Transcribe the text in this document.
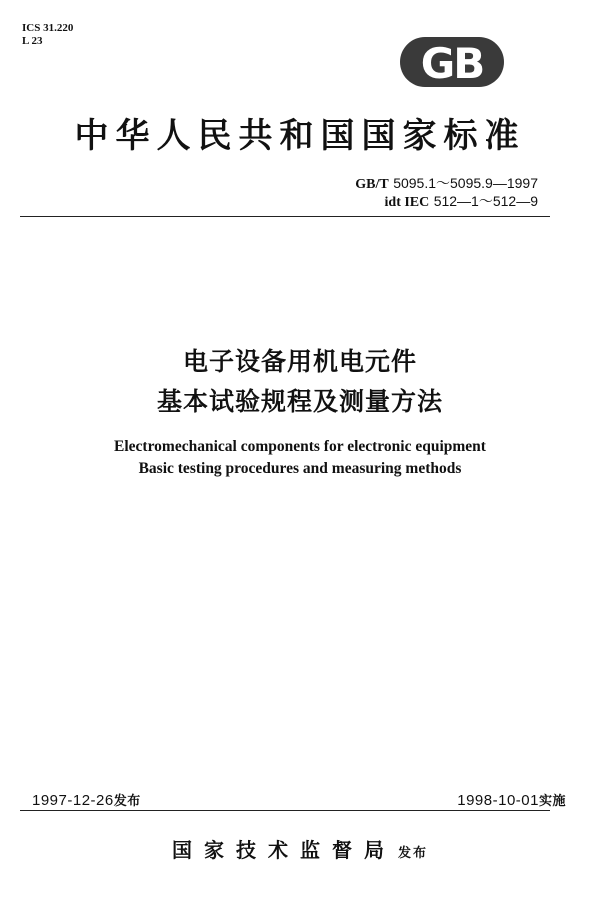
ICS 31.220
L 23	GB
中华人民共和国国家标准
GB/T 5095.1～5095.9—1997
idt IEC 512—1～512—9
电子设备用机电元件
基本试验规程及测量方法
Electromechanical components for electronic equipment
Basic testing procedures and measuring methods
1997-12-26发布	1998-10-01实施
国家技术监督局 发布
